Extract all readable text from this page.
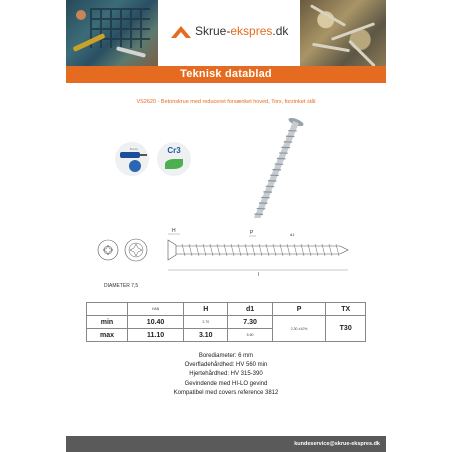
Skrue-ekspres.dk
Teknisk datablad
VS2620 - Betonskrue med reduceret forsænket hoved, Torx, forzinket stål
6 mm	Cr3
H	P	d1
l
DIAMETER 7,5
	HAB	H	d1	P	TX
min	10.40	2.70	7.30	2,30 ±10%	T30
max	11.10	3.10	5.60		
Borediameter: 6 mm
Overfladehårdhed: HV 560 min
Hjertehårdhed: HV 315-390
Gevindende med HI-LO gevind
Kompatibel med covers reference 3812
kundeservice@skrue-ekspres.dk
